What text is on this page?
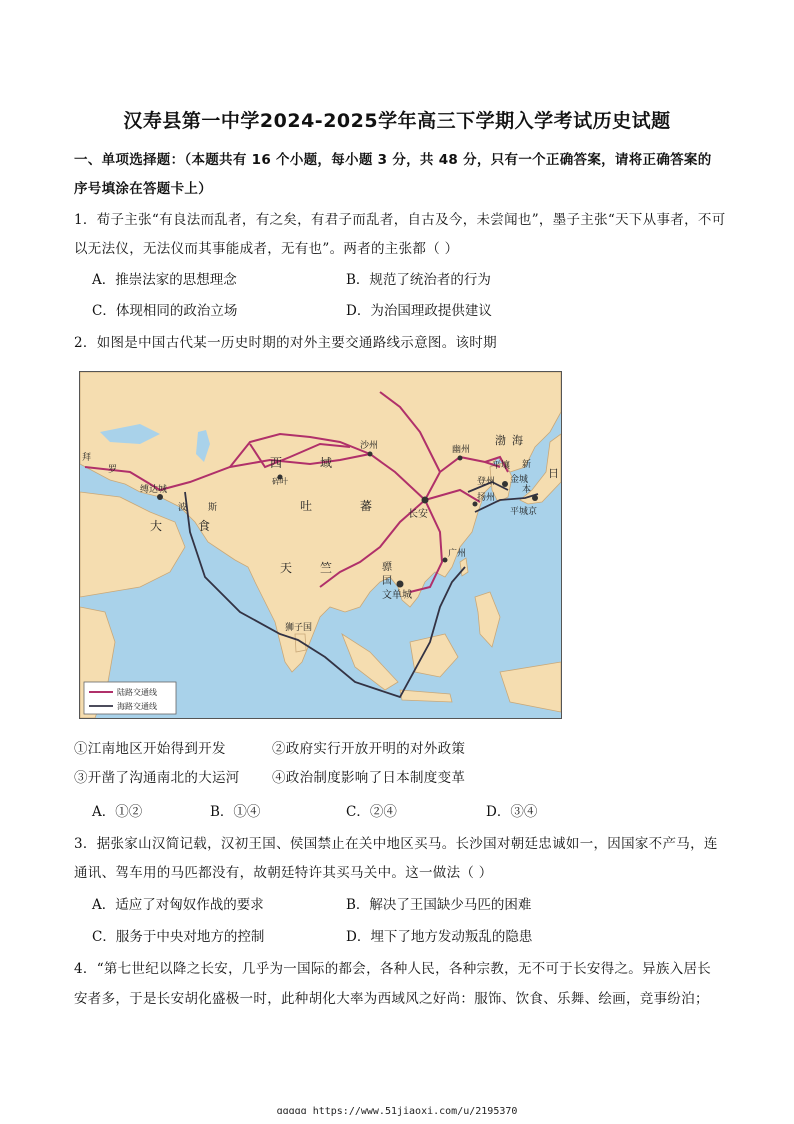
汉寿县第一中学2024-2025学年高三下学期入学考试历史试题
一、单项选择题：（本题共有 16 个小题，每小题 3 分，共 48 分，只有一个正确答案，请将正确答案的
序号填涂在答题卡上）
1．荀子主张“有良法而乱者，有之矣，有君子而乱者，自古及今，未尝闻也”，墨子主张“天下从事者，不可
以无法仪，无法仪而其事能成者，无有也”。两者的主张都（ ）
A．推崇法家的思想理念	B．规范了统治者的行为
C．体现相同的政治立场	D．为治国理政提供建议
2．如图是中国古代某一历史时期的对外主要交通路线示意图。该时期
西	域
大	食
吐	蕃
天 竺
波 斯
渤 海
日
骠
国
沙州	幽州
长安
广州
扬州
登州 金城
平壤
平城京
文单城
狮子国
缚达城
碎叶
拜
新
本
罗
陆路交通线
海路交通线
①江南地区开始得到开发	②政府实行开放开明的对外政策
③开凿了沟通南北的大运河 ④政治制度影响了日本制度变革
A．①②	B．①④	C．②④	D．③④
3．据张家山汉简记载，汉初王国、侯国禁止在关中地区买马。长沙国对朝廷忠诚如一，因国家不产马，连
通讯、驾车用的马匹都没有，故朝廷特许其买马关中。这一做法（ ）
A．适应了对匈奴作战的要求	B．解决了王国缺少马匹的困难
C．服务于中央对地方的控制	D．埋下了地方发动叛乱的隐患
4．“第七世纪以降之长安，几乎为一国际的都会，各种人民，各种宗教，无不可于长安得之。异族入居长
安者多，于是长安胡化盛极一时，此种胡化大率为西域风之好尚：服饰、饮食、乐舞、绘画，竞事纷泊；
ɑɑɑɑɑ https://www.51jiaoxi.com/u/2195370
